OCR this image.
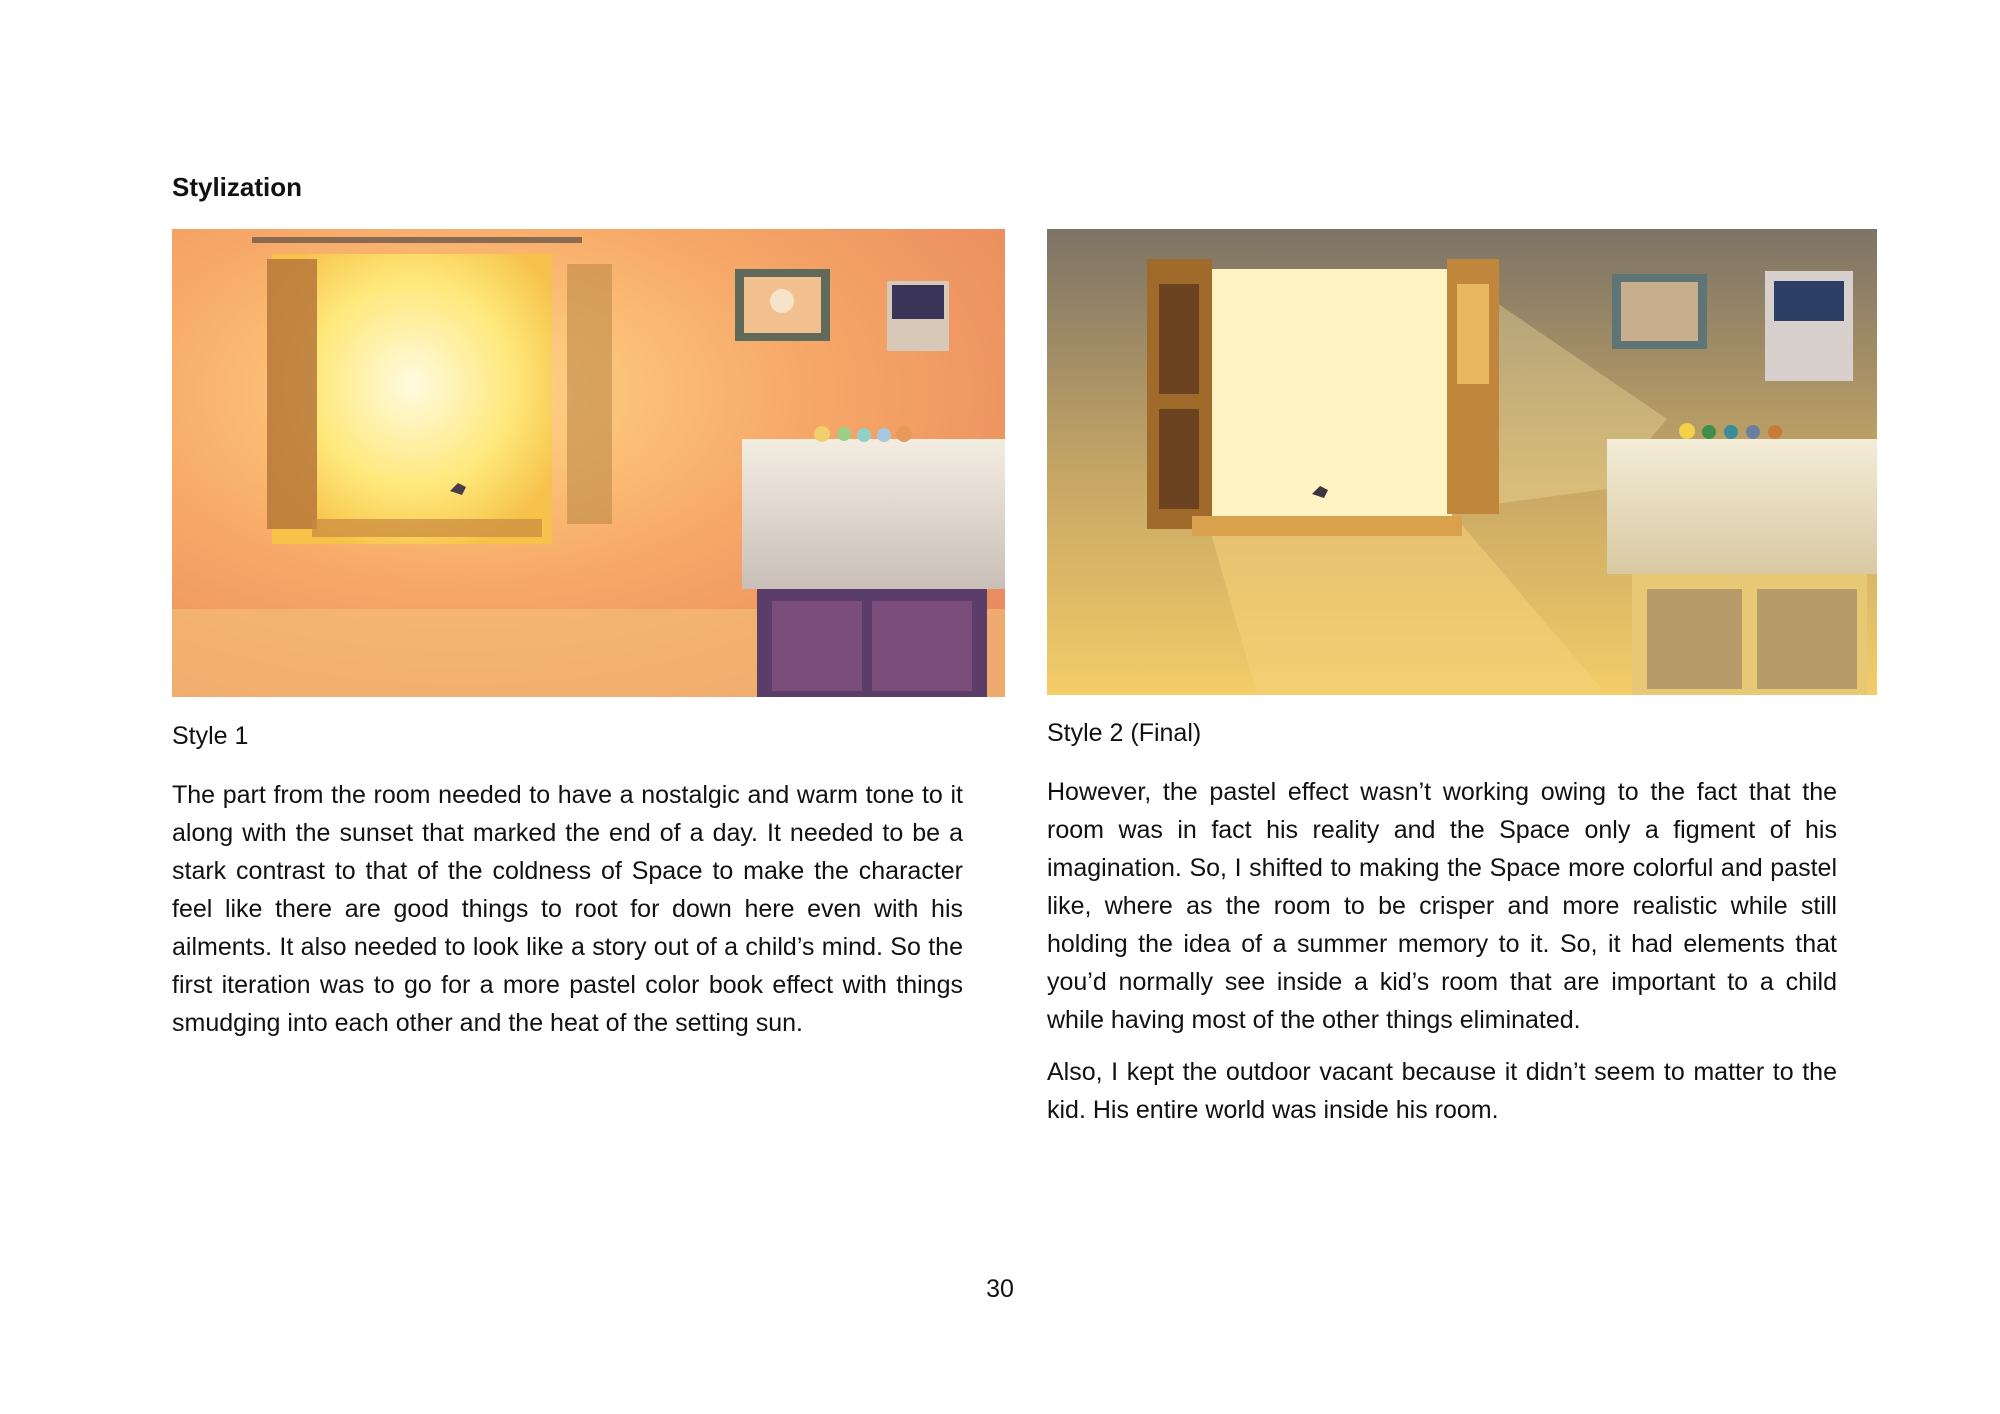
Stylization
Style 1	Style 2 (Final)

The part from the room needed to have a nostalgic and warm tone to it along with the sunset that marked the end of a day. It needed to be a stark contrast to that of the coldness of Space to make the character feel like there are good things to root for down here even with his ailments. It also needed to look like a story out of a child’s mind. So the first iteration was to go for a more pastel color book effect with things smudging into each other and the heat of the setting sun.

However, the pastel effect wasn’t working owing to the fact that the room was in fact his reality and the Space only a figment of his imagination. So, I shifted to making the Space more colorful and pastel like, where as the room to be crisper and more realistic while still holding the idea of a summer memory to it. So, it had elements that you’d normally see inside a kid’s room that are important to a child while having most of the other things eliminated.

Also, I kept the outdoor vacant because it didn’t seem to matter to the kid. His entire world was inside his room.

30
